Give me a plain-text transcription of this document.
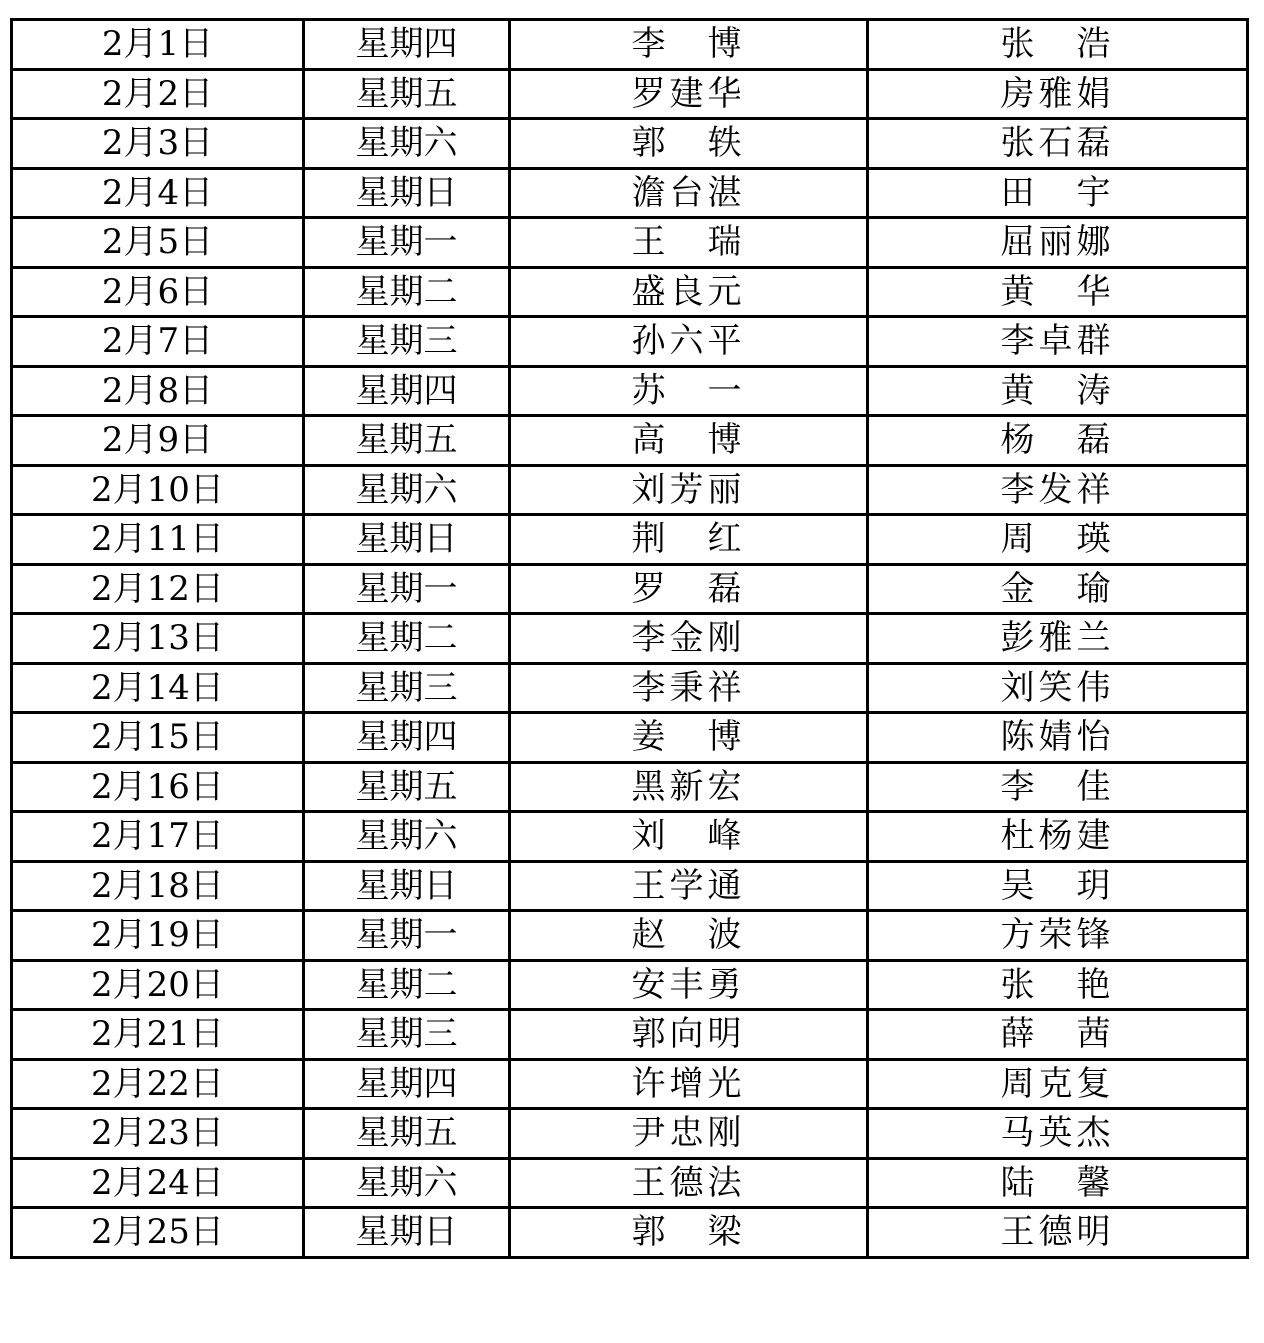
2月1日	星期四	李　博	张　浩
2月2日	星期五	罗建华	房雅娟
2月3日	星期六	郭　轶	张石磊
2月4日	星期日	澹台湛	田　宇
2月5日	星期一	王　瑞	屈丽娜
2月6日	星期二	盛良元	黄　华
2月7日	星期三	孙六平	李卓群
2月8日	星期四	苏　一	黄　涛
2月9日	星期五	高　博	杨　磊
2月10日	星期六	刘芳丽	李发祥
2月11日	星期日	荆　红	周　瑛
2月12日	星期一	罗　磊	金　瑜
2月13日	星期二	李金刚	彭雅兰
2月14日	星期三	李秉祥	刘笑伟
2月15日	星期四	姜　博	陈婧怡
2月16日	星期五	黑新宏	李　佳
2月17日	星期六	刘　峰	杜杨建
2月18日	星期日	王学通	吴　玥
2月19日	星期一	赵　波	方荣锋
2月20日	星期二	安丰勇	张　艳
2月21日	星期三	郭向明	薛　茜
2月22日	星期四	许增光	周克复
2月23日	星期五	尹忠刚	马英杰
2月24日	星期六	王德法	陆　馨
2月25日	星期日	郭　梁	王德明
